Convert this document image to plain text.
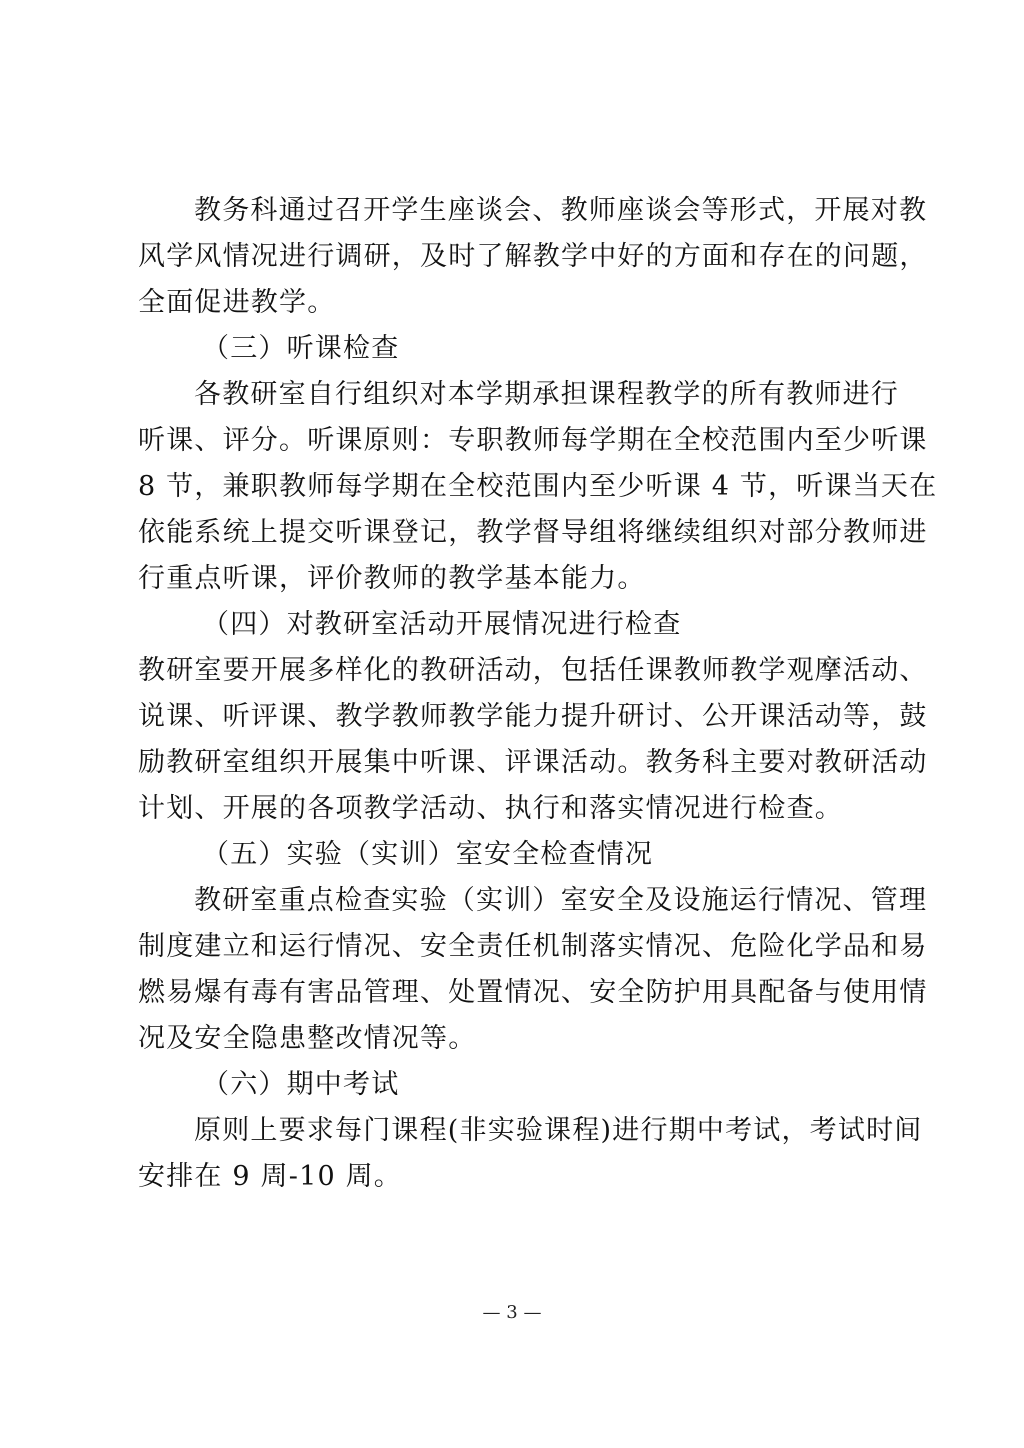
教务科通过召开学生座谈会、教师座谈会等形式，开展对教
风学风情况进行调研，及时了解教学中好的方面和存在的问题，
全面促进教学。
（三）听课检查
各教研室自行组织对本学期承担课程教学的所有教师进行
听课、评分。听课原则：专职教师每学期在全校范围内至少听课
8 节，兼职教师每学期在全校范围内至少听课 4 节，听课当天在
依能系统上提交听课登记，教学督导组将继续组织对部分教师进
行重点听课，评价教师的教学基本能力。
（四）对教研室活动开展情况进行检查
教研室要开展多样化的教研活动，包括任课教师教学观摩活动、
说课、听评课、教学教师教学能力提升研讨、公开课活动等，鼓
励教研室组织开展集中听课、评课活动。教务科主要对教研活动
计划、开展的各项教学活动、执行和落实情况进行检查。
（五）实验（实训）室安全检查情况
教研室重点检查实验（实训）室安全及设施运行情况、管理
制度建立和运行情况、安全责任机制落实情况、危险化学品和易
燃易爆有毒有害品管理、处置情况、安全防护用具配备与使用情
况及安全隐患整改情况等。
（六）期中考试
原则上要求每门课程(非实验课程)进行期中考试，考试时间
安排在 9 周-10 周。
— 3 —
